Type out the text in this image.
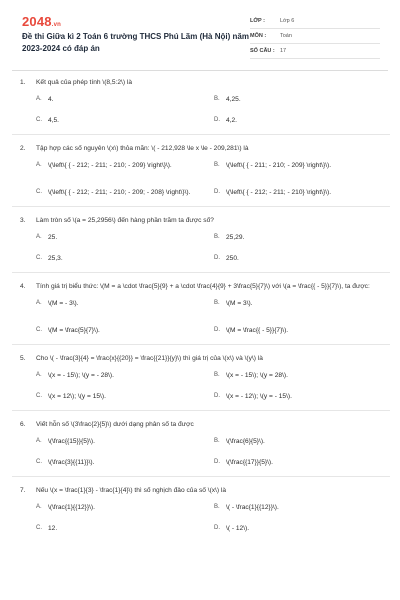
2048.vn
Đề thi Giữa kì 2 Toán 6 trường THCS Phú Lãm (Hà Nội) năm 2023-2024 có đáp án
LỚP :	Lớp 6
MÔN :	Toán
SỐ CÂU : 17
1.	Kết quả của phép tính \(8,5:2\) là
A. 4.	B. 4,25.
C. 4,5.	D. 4,2.
2.	Tập hợp các số nguyên \(x\) thỏa mãn: \( - 212,928 \le x \le - 209,281\) là
A. \(\left\{ { - 212; - 211; - 210; - 209} \right\}\).	B. \(\left\{ { - 211; - 210; - 209} \right\}\).
C. \(\left\{ { - 212; - 211; - 210; - 209; - 208} \right\}\).	D. \(\left\{ { - 212; - 211; - 210} \right\}\).
3.	Làm tròn số \(a = 25,2956\) đến hàng phần trăm ta được số?
A. 25.	B. 25,29.
C. 25,3.	D. 250.
4.	Tính giá trị biểu thức: \(M = a \cdot \frac{5}{9} + a \cdot \frac{4}{9} + 3\frac{5}{7}\) với \(a = \frac{{ - 5}}{7}\), ta được:
A. \(M = - 3\).	B. \(M = 3\).
C. \(M = \frac{5}{7}\).	D. \(M = \frac{{ - 5}}{7}\).
5.	Cho \( - \frac{3}{4} = \frac{x}{{20}} = \frac{{21}}{y}\) thì giá trị của \(x\) và \(y\) là
A. \(x = - 15\); \(y = - 28\).	B. \(x = - 15\); \(y = 28\).
C. \(x = 12\); \(y = 15\).	D. \(x = - 12\); \(y = - 15\).
6.	Viết hỗn số \(3\frac{2}{5}\) dưới dạng phân số ta được
A. \(\frac{{15}}{5}\).	B. \(\frac{6}{5}\).
C. \(\frac{3}{{11}}\).	D. \(\frac{{17}}{5}\).
7.	Nếu \(x = \frac{1}{3} - \frac{1}{4}\) thì số nghịch đảo của số \(x\) là
A. \(\frac{1}{{12}}\).	B. \( - \frac{1}{{12}}\).
C. 12.	D. \( - 12\).
